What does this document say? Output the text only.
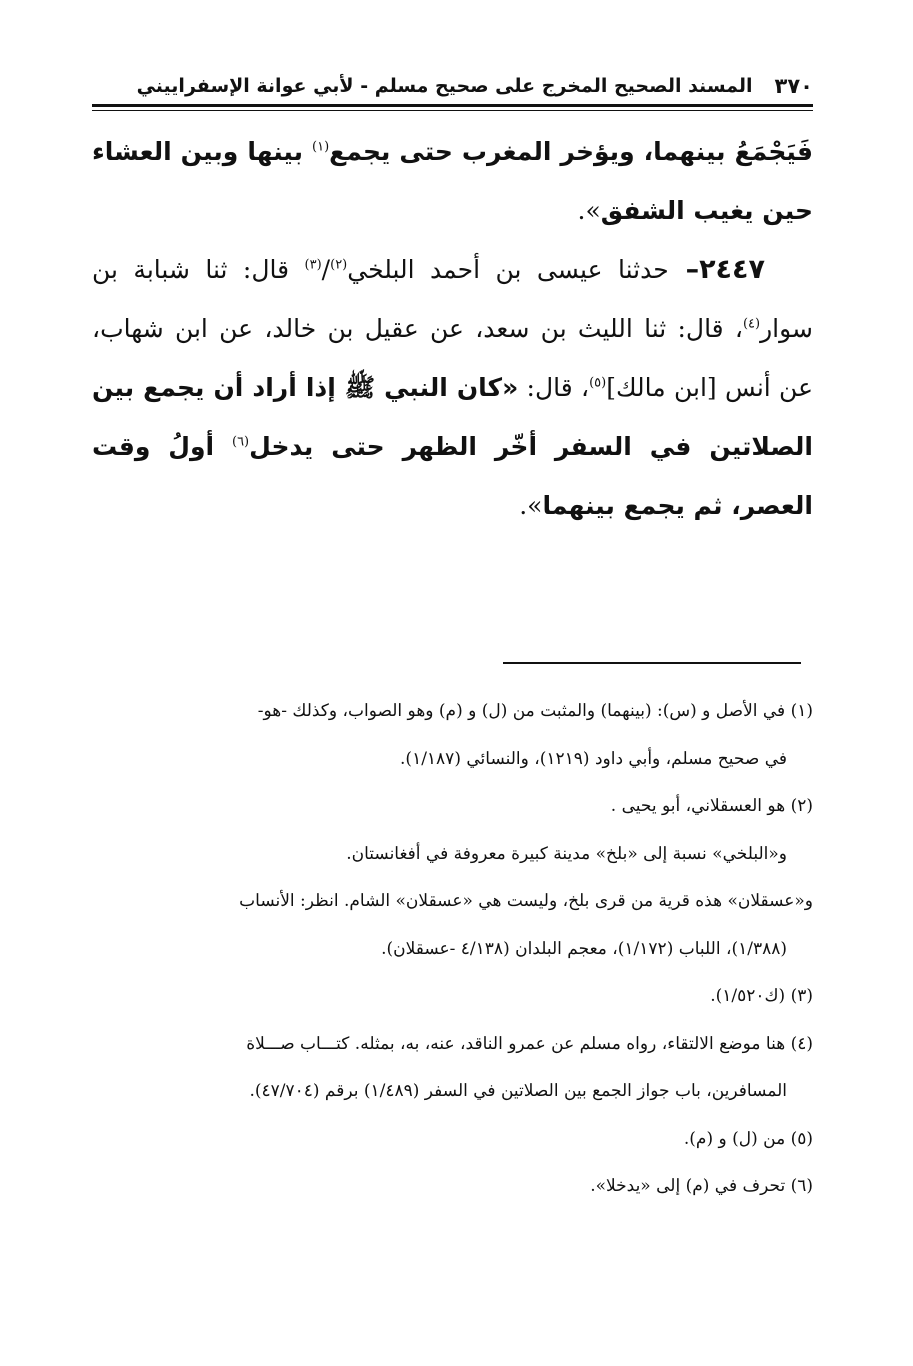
٣٧٠
المسند الصحيح المخرج على صحيح مسلم - لأبي عوانة الإسفراييني

فَيَجْمَعُ بينهما، ويؤخر المغرب حتى يجمع$^{(١)}$ بينها وبين العشاء حين يغيب الشفق».

٢٤٤٧– حدثنا عيسى بن أحمد البلخي$^{(٢)}$/$^{(٣)}$ قال: ثنا شبابة بن سوار$^{(٤)}$، قال: ثنا الليث بن سعد، عن عقيل بن خالد، عن ابن شهاب، عن أنس [ابن مالك]$^{(٥)}$، قال: «كان النبي ﷺ إذا أراد أن يجمع بين الصلاتين في السفر أخّر الظهر حتى يدخل$^{(٦)}$ أولُ وقت العصر، ثم يجمع بينهما».

(١) في الأصل و (س): (بينهما) والمثبت من (ل) و (م) وهو الصواب، وكذلك -هو-

في صحيح مسلم، وأبي داود (١٢١٩)، والنسائي (١/١٨٧).

(٢) هو العسقلاني، أبو يحيى .

و«البلخي» نسبة إلى «بلخ» مدينة كبيرة معروفة في أفغانستان.

و«عسقلان» هذه قرية من قرى بلخ، وليست هي «عسقلان» الشام. انظر: الأنساب

(١/٣٨٨)، اللباب (١/١٧٢)، معجم البلدان (٤/١٣٨ -عسقلان).

(٣) (ك١/٥٢٠).

(٤) هنا موضع الالتقاء، رواه مسلم عن عمرو الناقد، عنه، به، بمثله. كتـــاب صـــلاة

المسافرين، باب جواز الجمع بين الصلاتين في السفر (١/٤٨٩) برقم (٤٧/٧٠٤).

(٥) من (ل) و (م).

(٦) تحرف في (م) إلى «يدخلا».
